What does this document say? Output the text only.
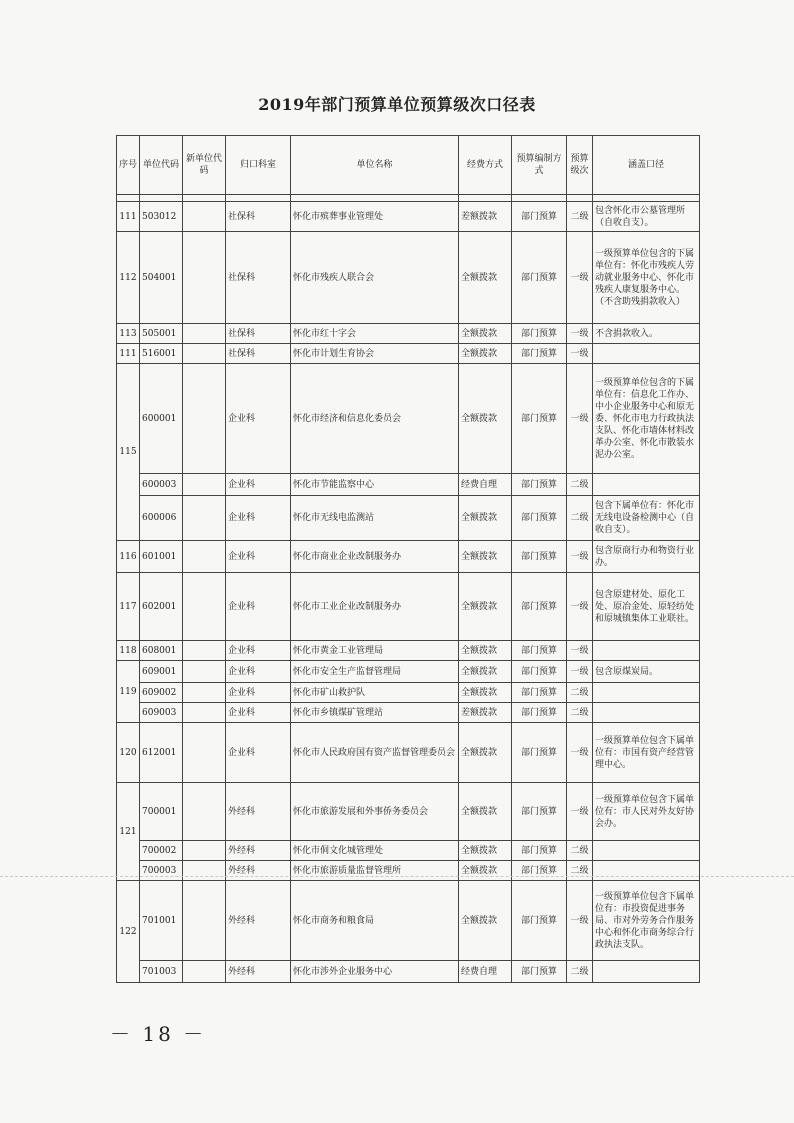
2019年部门预算单位预算级次口径表
序号	单位代码	新单位代码	归口科室	单位名称	经费方式	预算编制方式	预算级次	涵盖口径

111	503012		社保科	怀化市殡葬事业管理处	差额拨款	部门预算	二级	包含怀化市公墓管理所（自收自支）。
112	504001		社保科	怀化市残疾人联合会	全额拨款	部门预算	一级	一级预算单位包含的下属单位有：怀化市残疾人劳动就业服务中心、怀化市残疾人康复服务中心。（不含助残捐款收入）
113	505001		社保科	怀化市红十字会	全额拨款	部门预算	一级	不含捐款收入。
111	516001		社保科	怀化市计划生育协会	全额拨款	部门预算	一级	
115	600001		企业科	怀化市经济和信息化委员会	全额拨款	部门预算	一级	一级预算单位包含的下属单位有：信息化工作办、中小企业服务中心和原无委、怀化市电力行政执法支队、怀化市墙体材料改革办公室、怀化市散装水泥办公室。
	600003		企业科	怀化市节能监察中心	经费自理	部门预算	二级	
	600006		企业科	怀化市无线电监测站	全额拨款	部门预算	二级	包含下属单位有：怀化市无线电设备检测中心（自收自支）。
116	601001		企业科	怀化市商业企业改制服务办	全额拨款	部门预算	一级	包含原商行办和物资行业办。
117	602001		企业科	怀化市工业企业改制服务办	全额拨款	部门预算	一级	包含原建材处、原化工处、原冶金处、原轻纺处和原城镇集体工业联社。
118	608001		企业科	怀化市黄金工业管理局	全额拨款	部门预算	一级	
119	609001		企业科	怀化市安全生产监督管理局	全额拨款	部门预算	一级	包含原煤炭局。
	609002		企业科	怀化市矿山救护队	全额拨款	部门预算	二级	
	609003		企业科	怀化市乡镇煤矿管理站	差额拨款	部门预算	二级	
120	612001		企业科	怀化市人民政府国有资产监督管理委员会	全额拨款	部门预算	一级	一级预算单位包含下属单位有：市国有资产经营管理中心。
121	700001		外经科	怀化市旅游发展和外事侨务委员会	全额拨款	部门预算	一级	一级预算单位包含下属单位有：市人民对外友好协会办。
	700002		外经科	怀化市侗文化城管理处	全额拨款	部门预算	二级	
	700003		外经科	怀化市旅游质量监督管理所	全额拨款	部门预算	二级	
122	701001		外经科	怀化市商务和粮食局	全额拨款	部门预算	一级	一级预算单位包含下属单位有：市投资促进事务局、市对外劳务合作服务中心和怀化市商务综合行政执法支队。
	701003		外经科	怀化市涉外企业服务中心	经费自理	部门预算	二级	
－ 18 －
